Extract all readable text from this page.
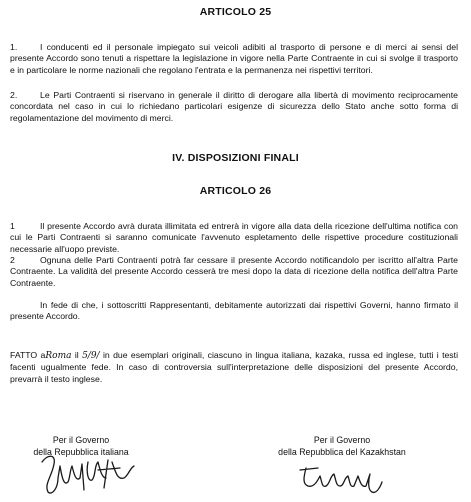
ARTICOLO 25

1.	I conducenti ed il personale impiegato sui veicoli adibiti al trasporto di persone e di merci ai sensi del presente Accordo sono tenuti a rispettare la legislazione in vigore nella Parte Contraente in cui si svolge il trasporto e in particolare le norme nazionali che regolano l'entrata e la permanenza nei rispettivi territori.

2.	Le Parti Contraenti si riservano in generale il diritto di derogare alla libertà di movimento reciprocamente concordata nel caso in cui lo richiedano particolari esigenze di sicurezza dello Stato anche sotto forma di regolamentazione del movimento di merci.

IV. DISPOSIZIONI FINALI
ARTICOLO 26

1	Il presente Accordo avrà durata illimitata ed entrerà in vigore alla data della ricezione dell'ultima notifica con cui le Parti Contraenti si saranno comunicate l'avvenuto espletamento delle rispettive procedure costituzionali necessarie all'uopo previste.

2	Ognuna delle Parti Contraenti potrà far cessare il presente Accordo notificandolo per iscritto all'altra Parte Contraente. La validità del presente Accordo cesserà tre mesi dopo la data di ricezione della notifica dell'altra Parte Contraente.

In fede di che, i sottoscritti Rappresentanti, debitamente autorizzati dai rispettivi Governi, hanno firmato il presente Accordo.

FATTO aRoma il 5/9/ in due esemplari originali, ciascuno in lingua italiana, kazaka, russa ed inglese, tutti i testi facenti ugualmente fede. In caso di controversia sull'interpretazione delle disposizioni del presente Accordo, prevarrà il testo inglese.

Per il Governo
della Repubblica italiana
Per il Governo
della Repubblica del Kazakhstan
